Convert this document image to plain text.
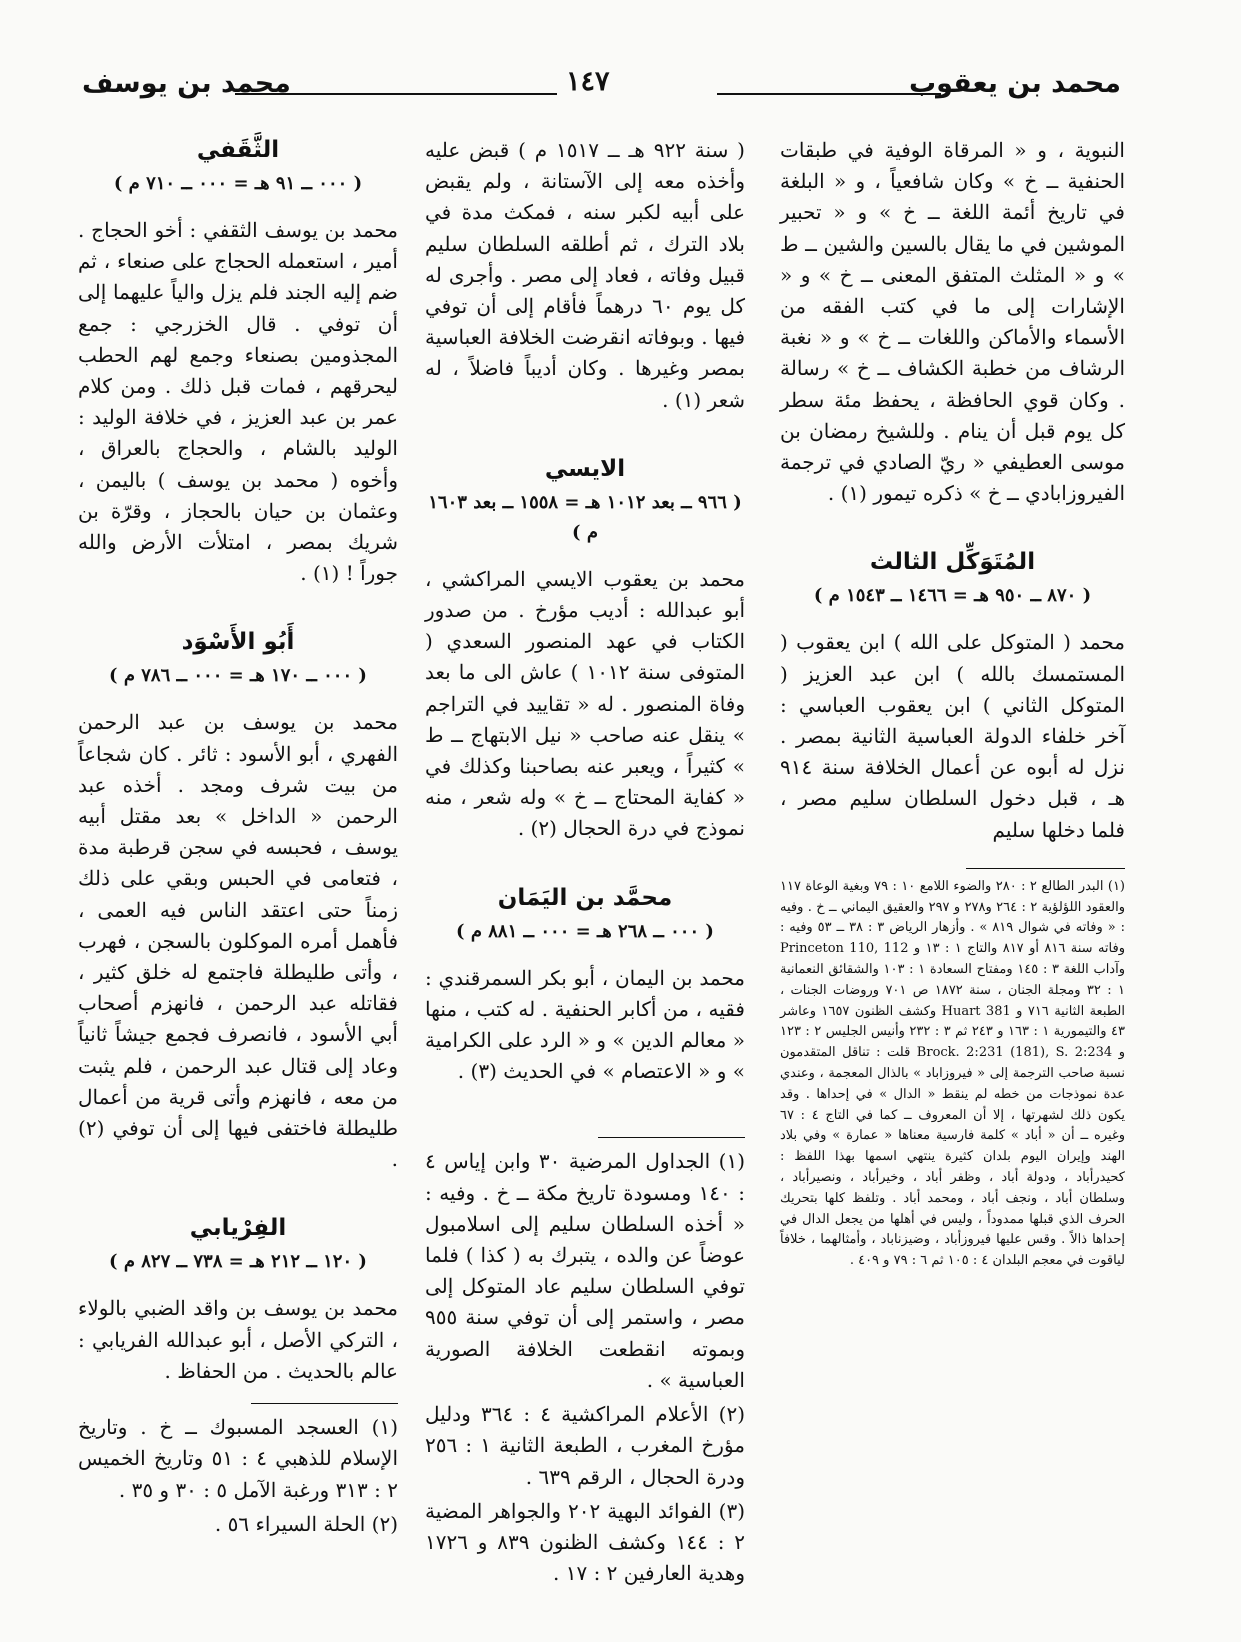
محمد بن يعقوب
١٤٧
محمد بن يوسف

النبوية ، و « المرقاة الوفية في طبقات الحنفية ــ خ » وكان شافعياً ، و « البلغة في تاريخ أئمة اللغة ــ خ » و « تحبير الموشين في ما يقال بالسين والشين ــ ط » و « المثلث المتفق المعنى ــ خ » و « الإشارات إلى ما في كتب الفقه من الأسماء والأماكن واللغات ــ خ » و « نغبة الرشاف من خطبة الكشاف ــ خ » رسالة . وكان قوي الحافظة ، يحفظ مئة سطر كل يوم قبل أن ينام . وللشيخ رمضان بن موسى العطيفي « ريّ الصادي في ترجمة الفيروزابادي ــ خ » ذكره تيمور (١) .

المُتَوَكِّل الثالث
( ٨٧٠ ــ ٩٥٠ هـ = ١٤٦٦ ــ ١٥٤٣ م )

محمد ( المتوكل على الله ) ابن يعقوب ( المستمسك بالله ) ابن عبد العزيز ( المتوكل الثاني ) ابن يعقوب العباسي : آخر خلفاء الدولة العباسية الثانية بمصر . نزل له أبوه عن أعمال الخلافة سنة ٩١٤ هـ ، قبل دخول السلطان سليم مصر ، فلما دخلها سليم

(١) البدر الطالع ٢ : ٢٨٠ والضوء اللامع ١٠ : ٧٩ وبغية الوعاة ١١٧ والعقود اللؤلؤية ٢ : ٢٦٤ و٢٧٨ و ٢٩٧ والعقيق اليماني ــ خ . وفيه : « وفاته في شوال ٨١٩ » . وأزهار الرياض ٣ : ٣٨ ــ ٥٣ وفيه : وفاته سنة ٨١٦ أو ٨١٧ والتاج ١ : ١٣ و Princeton 110, 112 وآداب اللغة ٣ : ١٤٥ ومفتاح السعادة ١ : ١٠٣ والشقائق النعمانية ١ : ٣٢ ومجلة الجنان ، سنة ١٨٧٢ ص ٧٠١ وروضات الجنات ، الطبعة الثانية ٧١٦ و Huart 381 وكشف الظنون ١٦٥٧ وعاشر ٤٣ والتيمورية ١ : ١٦٣ و ٢٤٣ ثم ٣ : ٢٣٢ وأنيس الجليس ٢ : ١٢٣ و Brock. 2:231 (181), S. 2:234 قلت : تناقل المتقدمون نسبة صاحب الترجمة إلى « فيروزاباد » بالذال المعجمة ، وعندي عدة نموذجات من خطه لم ينقط « الدال » في إحداها . وقد يكون ذلك لشهرتها ، إلا أن المعروف ــ كما في التاج ٤ : ٦٧ وغيره ــ أن « أباد » كلمة فارسية معناها « عمارة » وفي بلاد الهند وإيران اليوم بلدان كثيرة ينتهي اسمها بهذا اللفظ : كحيدرأباد ، ودولة أباد ، وظفر أباد ، وخيرأباد ، ونصيرأباد ، وسلطان أباد ، ونجف أباد ، ومحمد أباد . وتلفظ كلها بتحريك الحرف الذي قبلها ممدوداً ، وليس في أهلها من يجعل الدال في إحداها ذالاً . وقس عليها فيروزأباد ، وضيزناباد ، وأمثالهما ، خلافاً لياقوت في معجم البلدان ٤ : ١٠٥ ثم ٦ : ٧٩ و ٤٠٩ .

( سنة ٩٢٢ هـ ــ ١٥١٧ م ) قبض عليه وأخذه معه إلى الآستانة ، ولم يقبض على أبيه لكبر سنه ، فمكث مدة في بلاد الترك ، ثم أطلقه السلطان سليم قبيل وفاته ، فعاد إلى مصر . وأجرى له كل يوم ٦٠ درهماً فأقام إلى أن توفي فيها . وبوفاته انقرضت الخلافة العباسية بمصر وغيرها . وكان أديباً فاضلاً ، له شعر (١) .

الايسي
( ٩٦٦ ــ بعد ١٠١٢ هـ = ١٥٥٨ ــ بعد ١٦٠٣ م )

محمد بن يعقوب الايسي المراكشي ، أبو عبدالله : أديب مؤرخ . من صدور الكتاب في عهد المنصور السعدي ( المتوفى سنة ١٠١٢ ) عاش الى ما بعد وفاة المنصور . له « تقاييد في التراجم » ينقل عنه صاحب « نيل الابتهاج ــ ط » كثيراً ، ويعبر عنه بصاحبنا وكذلك في « كفاية المحتاج ــ خ » وله شعر ، منه نموذج في درة الحجال (٢) .

محمَّد بن اليَمَان
( ٠٠٠ ــ ٢٦٨ هـ = ٠٠٠ ــ ٨٨١ م )

محمد بن اليمان ، أبو بكر السمرقندي : فقيه ، من أكابر الحنفية . له كتب ، منها « معالم الدين » و « الرد على الكرامية » و « الاعتصام » في الحديث (٣) .

(١) الجداول المرضية ٣٠ وابن إياس ٤ : ١٤٠ ومسودة تاريخ مكة ــ خ . وفيه : « أخذه السلطان سليم إلى اسلامبول عوضاً عن والده ، يتبرك به ( كذا ) فلما توفي السلطان سليم عاد المتوكل إلى مصر ، واستمر إلى أن توفي سنة ٩٥٥ وبموته انقطعت الخلافة الصورية العباسية » .

(٢) الأعلام المراكشية ٤ : ٣٦٤ ودليل مؤرخ المغرب ، الطبعة الثانية ١ : ٢٥٦ ودرة الحجال ، الرقم ٦٣٩ .

(٣) الفوائد البهية ٢٠٢ والجواهر المضية ٢ : ١٤٤ وكشف الظنون ٨٣٩ و ١٧٢٦ وهدية العارفين ٢ : ١٧ .

الثَّقَفي
( ٠٠٠ ــ ٩١ هـ = ٠٠٠ ــ ٧١٠ م )

محمد بن يوسف الثقفي : أخو الحجاج . أمير ، استعمله الحجاج على صنعاء ، ثم ضم إليه الجند فلم يزل والياً عليهما إلى أن توفي . قال الخزرجي : جمع المجذومين بصنعاء وجمع لهم الحطب ليحرقهم ، فمات قبل ذلك . ومن كلام عمر بن عبد العزيز ، في خلافة الوليد : الوليد بالشام ، والحجاج بالعراق ، وأخوه ( محمد بن يوسف ) باليمن ، وعثمان بن حيان بالحجاز ، وقرّة بن شريك بمصر ، امتلأت الأرض والله جوراً ! (١) .

أَبُو الأَسْوَد
( ٠٠٠ ــ ١٧٠ هـ = ٠٠٠ ــ ٧٨٦ م )

محمد بن يوسف بن عبد الرحمن الفهري ، أبو الأسود : ثائر . كان شجاعاً من بيت شرف ومجد . أخذه عبد الرحمن « الداخل » بعد مقتل أبيه يوسف ، فحبسه في سجن قرطبة مدة ، فتعامى في الحبس وبقي على ذلك زمناً حتى اعتقد الناس فيه العمى ، فأهمل أمره الموكلون بالسجن ، فهرب ، وأتى طليطلة فاجتمع له خلق كثير ، فقاتله عبد الرحمن ، فانهزم أصحاب أبي الأسود ، فانصرف فجمع جيشاً ثانياً وعاد إلى قتال عبد الرحمن ، فلم يثبت من معه ، فانهزم وأتى قرية من أعمال طليطلة فاختفى فيها إلى أن توفي (٢) .

الفِرْيابي
( ١٢٠ ــ ٢١٢ هـ = ٧٣٨ ــ ٨٢٧ م )

محمد بن يوسف بن واقد الضبي بالولاء ، التركي الأصل ، أبو عبدالله الفريابي : عالم بالحديث . من الحفاظ .

(١) العسجد المسبوك ــ خ . وتاريخ الإسلام للذهبي ٤ : ٥١ وتاريخ الخميس ٢ : ٣١٣ ورغبة الآمل ٥ : ٣٠ و ٣٥ .

(٢) الحلة السيراء ٥٦ .
